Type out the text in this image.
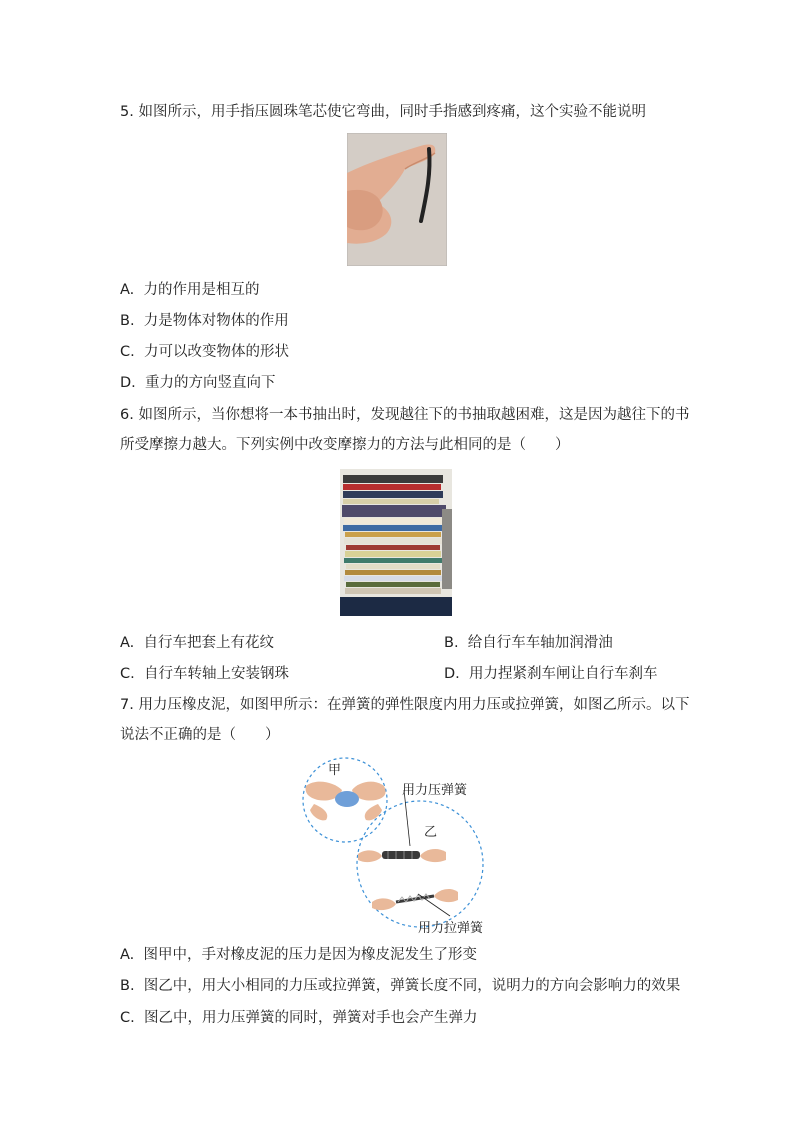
5. 如图所示，用手指压圆珠笔芯使它弯曲，同时手指感到疼痛，这个实验不能说明
A. 力的作用是相互的
B. 力是物体对物体的作用
C. 力可以改变物体的形状
D. 重力的方向竖直向下
6. 如图所示，当你想将一本书抽出时，发现越往下的书抽取越困难，这是因为越往下的书
所受摩擦力越大。下列实例中改变摩擦力的方法与此相同的是（　　）
A. 自行车把套上有花纹	B. 给自行车车轴加润滑油
C. 自行车转轴上安装钢珠	D. 用力捏紧刹车闸让自行车刹车
7. 用力压橡皮泥，如图甲所示：在弹簧的弹性限度内用力压或拉弹簧，如图乙所示。以下
说法不正确的是（　　）
甲
乙
用力压弹簧
用力拉弹簧
A. 图甲中，手对橡皮泥的压力是因为橡皮泥发生了形变
B. 图乙中，用大小相同的力压或拉弹簧，弹簧长度不同，说明力的方向会影响力的效果
C. 图乙中，用力压弹簧的同时，弹簧对手也会产生弹力
